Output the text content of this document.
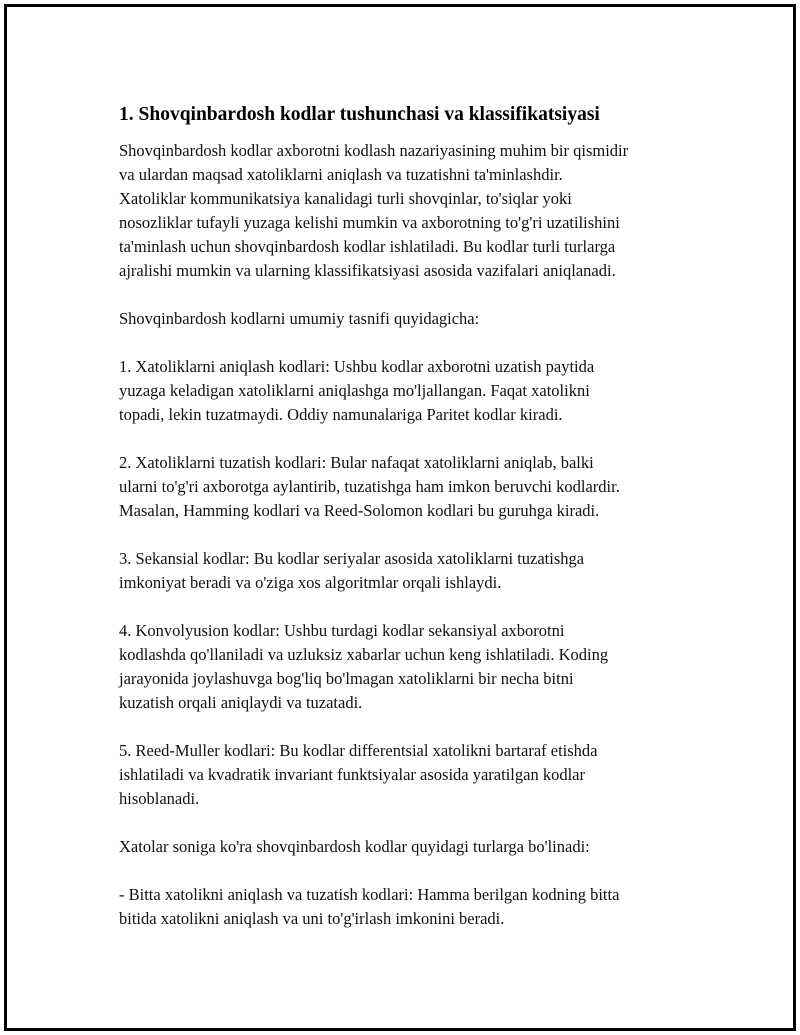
1. Shovqinbardosh kodlar tushunchasi va klassifikatsiyasi

Shovqinbardosh kodlar axborotni kodlash nazariyasining muhim bir qismidir
va ulardan maqsad xatoliklarni aniqlash va tuzatishni ta'minlashdir.
Xatoliklar kommunikatsiya kanalidagi turli shovqinlar, to'siqlar yoki
nosozliklar tufayli yuzaga kelishi mumkin va axborotning to'g'ri uzatilishini
ta'minlash uchun shovqinbardosh kodlar ishlatiladi. Bu kodlar turli turlarga
ajralishi mumkin va ularning klassifikatsiyasi asosida vazifalari aniqlanadi.

Shovqinbardosh kodlarni umumiy tasnifi quyidagicha:

1. Xatoliklarni aniqlash kodlari: Ushbu kodlar axborotni uzatish paytida
yuzaga keladigan xatoliklarni aniqlashga mo'ljallangan. Faqat xatolikni
topadi, lekin tuzatmaydi. Oddiy namunalariga Paritet kodlar kiradi.

2. Xatoliklarni tuzatish kodlari: Bular nafaqat xatoliklarni aniqlab, balki
ularni to'g'ri axborotga aylantirib, tuzatishga ham imkon beruvchi kodlardir.
Masalan, Hamming kodlari va Reed-Solomon kodlari bu guruhga kiradi.

3. Sekansial kodlar: Bu kodlar seriyalar asosida xatoliklarni tuzatishga
imkoniyat beradi va o'ziga xos algoritmlar orqali ishlaydi.

4. Konvolyusion kodlar: Ushbu turdagi kodlar sekansiyal axborotni
kodlashda qo'llaniladi va uzluksiz xabarlar uchun keng ishlatiladi. Koding
jarayonida joylashuvga bog'liq bo'lmagan xatoliklarni bir necha bitni
kuzatish orqali aniqlaydi va tuzatadi.

5. Reed-Muller kodlari: Bu kodlar differentsial xatolikni bartaraf etishda
ishlatiladi va kvadratik invariant funktsiyalar asosida yaratilgan kodlar
hisoblanadi.

Xatolar soniga ko'ra shovqinbardosh kodlar quyidagi turlarga bo'linadi:

- Bitta xatolikni aniqlash va tuzatish kodlari: Hamma berilgan kodning bitta
bitida xatolikni aniqlash va uni to'g'irlash imkonini beradi.
